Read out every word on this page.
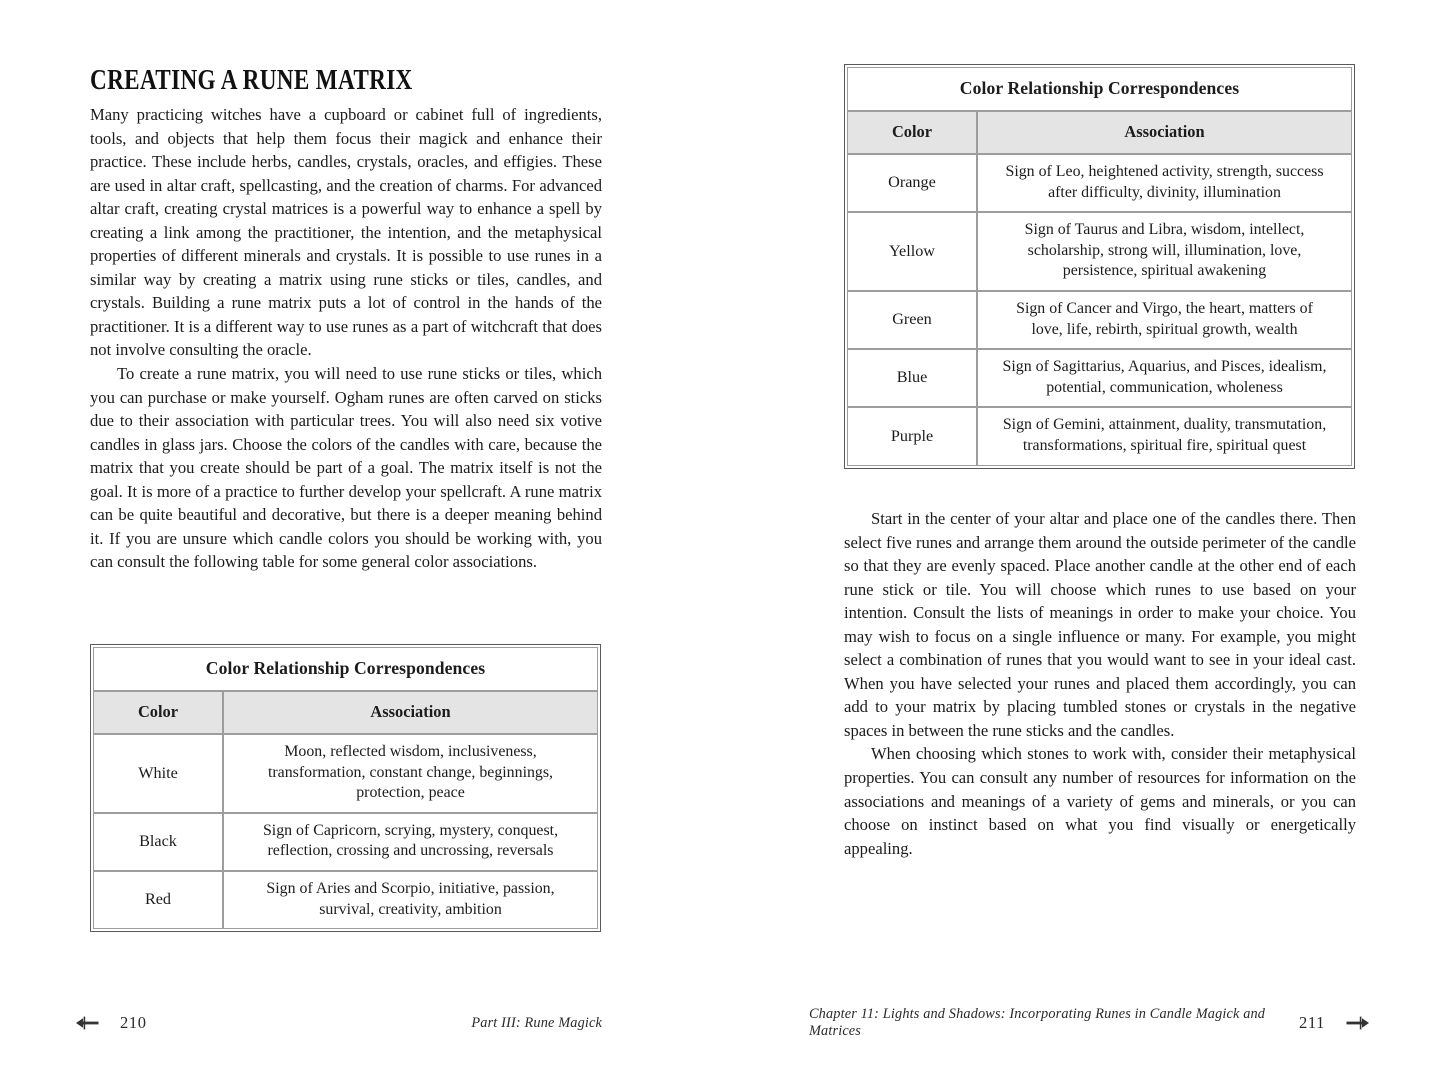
CREATING A RUNE MATRIX

Many practicing witches have a cupboard or cabinet full of ingredients, tools, and objects that help them focus their magick and enhance their practice. These include herbs, candles, crystals, oracles, and effigies. These are used in altar craft, spellcasting, and the creation of charms. For advanced altar craft, creating crystal matrices is a powerful way to enhance a spell by creating a link among the practitioner, the intention, and the metaphysical properties of different minerals and crystals. It is possible to use runes in a similar way by creating a matrix using rune sticks or tiles, candles, and crystals. Building a rune matrix puts a lot of control in the hands of the practitioner. It is a different way to use runes as a part of witchcraft that does not involve consulting the oracle.

To create a rune matrix, you will need to use rune sticks or tiles, which you can purchase or make yourself. Ogham runes are often carved on sticks due to their association with particular trees. You will also need six votive candles in glass jars. Choose the colors of the candles with care, because the matrix that you create should be part of a goal. The matrix itself is not the goal. It is more of a practice to further develop your spellcraft. A rune matrix can be quite beautiful and decorative, but there is a deeper meaning behind it. If you are unsure which candle colors you should be working with, you can consult the following table for some general color associations.

Color Relationship Correspondences	
Color	Association
White	Moon, reflected wisdom, inclusiveness,
transformation, constant change, beginnings,
protection, peace

Black	Sign of Capricorn, scrying, mystery, conquest,
reflection, crossing and uncrossing, reversals

Red	Sign of Aries and Scorpio, initiative, passion,
survival, creativity, ambition
Color Relationship Correspondences	
Color	Association
Orange	Sign of Leo, heightened activity, strength, success
after difficulty, divinity, illumination

Yellow	Sign of Taurus and Libra, wisdom, intellect,
scholarship, strong will, illumination, love,
persistence, spiritual awakening

Green	Sign of Cancer and Virgo, the heart, matters of
love, life, rebirth, spiritual growth, wealth

Blue	Sign of Sagittarius, Aquarius, and Pisces, idealism,
potential, communication, wholeness

Purple	Sign of Gemini, attainment, duality, transmutation,
transformations, spiritual fire, spiritual quest

Start in the center of your altar and place one of the candles there. Then select five runes and arrange them around the outside perimeter of the candle so that they are evenly spaced. Place another candle at the other end of each rune stick or tile. You will choose which runes to use based on your intention. Consult the lists of meanings in order to make your choice. You may wish to focus on a single influence or many. For example, you might select a combination of runes that you would want to see in your ideal cast. When you have selected your runes and placed them accordingly, you can add to your matrix by placing tumbled stones or crystals in the negative spaces in between the rune sticks and the candles.

When choosing which stones to work with, consider their metaphysical properties. You can consult any number of resources for information on the associations and meanings of a variety of gems and minerals, or you can choose on instinct based on what you find visually or energetically appealing.

210	Part III: Rune Magick
Chapter 11: Lights and Shadows: Incorporating Runes in Candle Magick and Matrices	211
